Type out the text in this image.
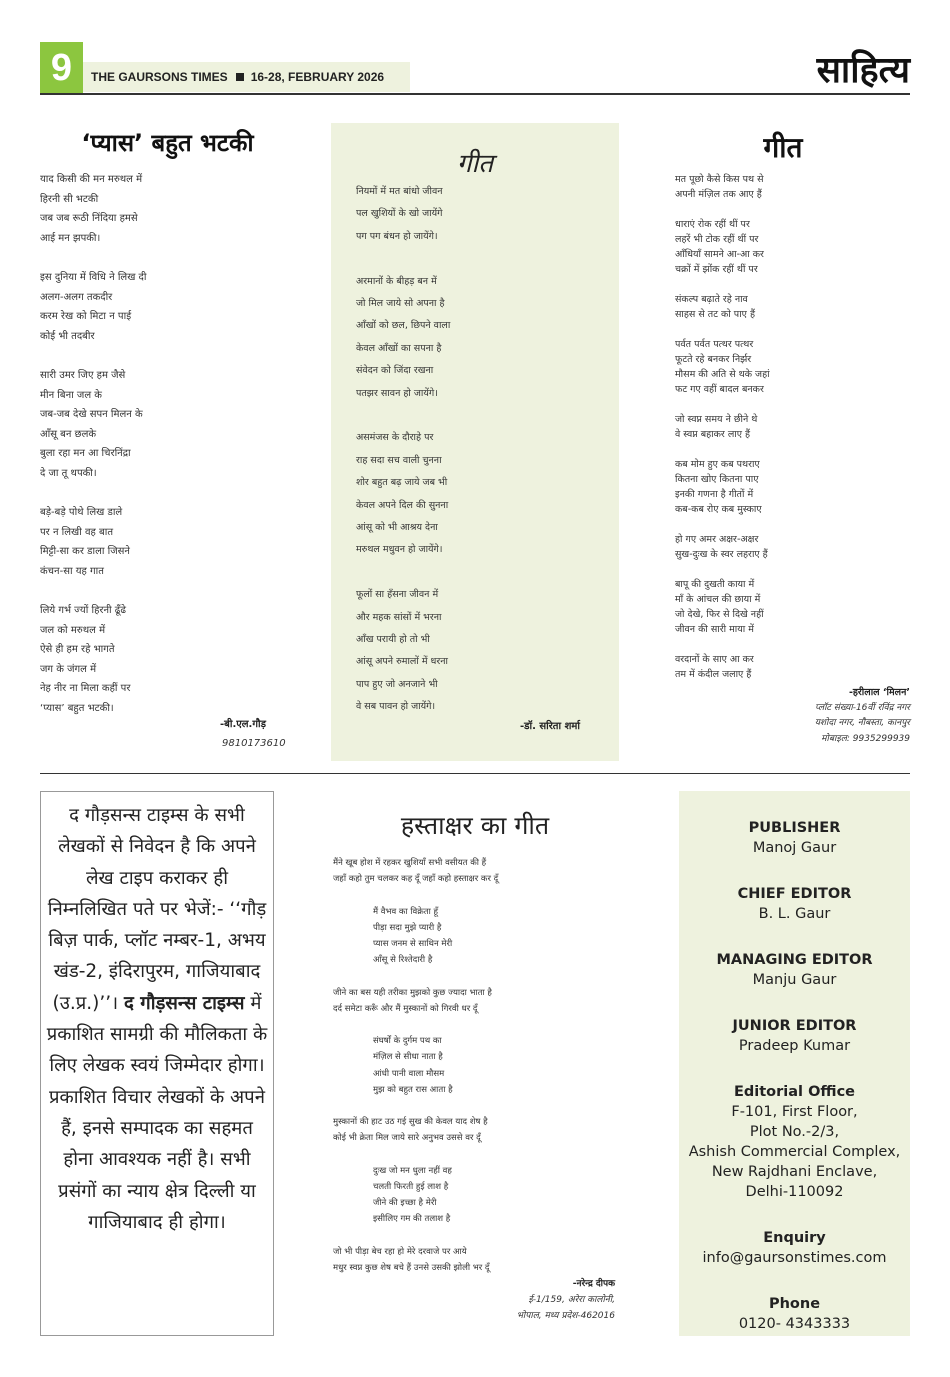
9	THE GAURSONS TIMES 16-28, FEBRUARY 2026	साहित्य
‘प्यास’ बहुत भटकी
याद किसी की मन मरुथल में
हिरनी सी भटकी
जब जब रूठी निंदिया हमसे
आई मन झपकी।
इस दुनिया में विधि ने लिख दी
अलग-अलग तकदीर
करम रेख को मिटा न पाई
कोई भी तदबीर
सारी उमर जिए हम जैसे
मीन बिना जल के
जब-जब देखे सपन मिलन के
आँसू बन छलके
बुला रहा मन आ चिरनिंद्रा
दे जा तू थपकी।
बड़े-बड़े पोथे लिख डाले
पर न लिखी वह बात
मिट्टी-सा कर डाला जिसने
कंचन-सा यह गात
लिये गर्भ ज्यों हिरनी ढूँढे
जल को मरुथल में
ऐसे ही हम रहे भागते
जग के जंगल में
नेह नीर ना मिला कहीं पर
‘प्यास’ बहुत भटकी।
-बी.एल.गौड़
9810173610
गीत
नियमों में मत बांधो जीवन
पल खुशियों के खो जायेंगे
पग पग बंधन हो जायेंगे।
अरमानों के बीहड़ बन में
जो मिल जाये सो अपना है
आँखों को छल, छिपने वाला
केवल आँखों का सपना है
संवेदन को जिंदा रखना
पतझर सावन हो जायेंगे।
असमंजस के दौराहे पर
राह सदा सच वाली चुनना
शोर बहुत बढ़ जाये जब भी
केवल अपने दिल की सुनना
आंसू को भी आश्रय देना
मरुथल मधुवन हो जायेंगे।
फूलों सा हँसना जीवन में
और महक सांसों में भरना
आँख परायी हो तो भी
आंसू अपने रुमालों में धरना
पाप हुए जो अनजाने भी
वे सब पावन हो जायेंगे।
-डॉ. सरिता शर्मा
गीत
मत पूछो कैसे किस पथ से
अपनी मंज़िल तक आए हैं
धाराएं रोक रहीं थीं पर
लहरें भी टोक रहीं थीं पर
आँधियाँ सामने आ-आ कर
चक्रों में झोंक रहीं थीं पर
संकल्प बढ़ाते रहे नाव
साहस से तट को पाए हैं
पर्वत पर्वत पत्थर पत्थर
फूटते रहे बनकर निर्झर
मौसम की अति से थके जहां
फट गए वहीं बादल बनकर
जो स्वप्न समय ने छीने थे
वे स्वप्न बहाकर लाए हैं
कब मोम हुए कब पथराए
कितना खोए कितना पाए
इनकी गणना है गीतों में
कब-कब रोए कब मुस्काए
हो गए अमर अक्षर-अक्षर
सुख-दुःख के स्वर लहराए हैं
बापू की दुखती काया में
माँ के आंचल की छाया में
जो देखे, फिर से दिखे नहीं
जीवन की सारी माया में
वरदानों के साए आ कर
तम में कंदील जलाए हैं
-हरीलाल ‘मिलन’
प्लॉट संख्या-16वीं रविंद्र नगर
यशोदा नगर, नौबस्ता, कानपुर
मोबाइल: 9935299939
द गौड़सन्स टाइम्स के सभी लेखकों से निवेदन है कि अपने लेख टाइप कराकर ही निम्नलिखित पते पर भेजें:- ‘‘गौड़ बिज़ पार्क, प्लॉट नम्बर-1, अभय खंड-2, इंदिरापुरम, गाजियाबाद (उ.प्र.)’’। द गौड़सन्स टाइम्स में प्रकाशित सामग्री की मौलिकता के लिए लेखक स्वयं जिम्मेदार होगा। प्रकाशित विचार लेखकों के अपने हैं, इनसे सम्पादक का सहमत होना आवश्यक नहीं है। सभी प्रसंगों का न्याय क्षेत्र दिल्ली या गाजियाबाद ही होगा।
हस्ताक्षर का गीत
मैंने खूब होश में रहकर खुशियाँ सभी वसीयत की हैं
जहाँ कहो तुम चलकर कह दूँ जहाँ कहो हस्ताक्षर कर दूँ
मैं वैभव का विक्रेता हूँ
पीड़ा सदा मुझे प्यारी है
प्यास जनम से साथिन मेरी
आँसू से रिश्तेदारी है
जीने का बस यही तरीका मुझको कुछ ज्यादा भाता है
दर्द समेटा करूँ और मैं मुस्कानों को गिरवी धर दूँ
संघर्षों के दुर्गम पथ का
मंज़िल से सीधा नाता है
आंधी पानी वाला मौसम
मुझ को बहुत रास आता है
मुस्कानों की हाट उठ गई सुख की केवल याद शेष है
कोई भी क्रेता मिल जाये सारे अनुभव उससे वर दूँ
दुःख जो मन धुला नहीं वह
चलती फिरती हुई लाश है
जीने की इच्छा है मेरी
इसीलिए गम की तलाश है
जो भी पीड़ा बेच रहा हो मेरे दरवाजे पर आये
मधुर स्वप्न कुछ शेष बचे हैं उनसे उसकी झोली भर दूँ
-नरेन्द्र दीपक
ई-1/159, अरेरा कालोनी,
भोपाल, मध्य प्रदेश-462016
PUBLISHER
Manoj Gaur
CHIEF EDITOR
B. L. Gaur
MANAGING EDITOR
Manju Gaur
JUNIOR EDITOR
Pradeep Kumar
Editorial Office
F-101, First Floor,
Plot No.-2/3,
Ashish Commercial Complex,
New Rajdhani Enclave,
Delhi-110092
Enquiry
info@gaursonstimes.com
Phone
0120- 4343333
